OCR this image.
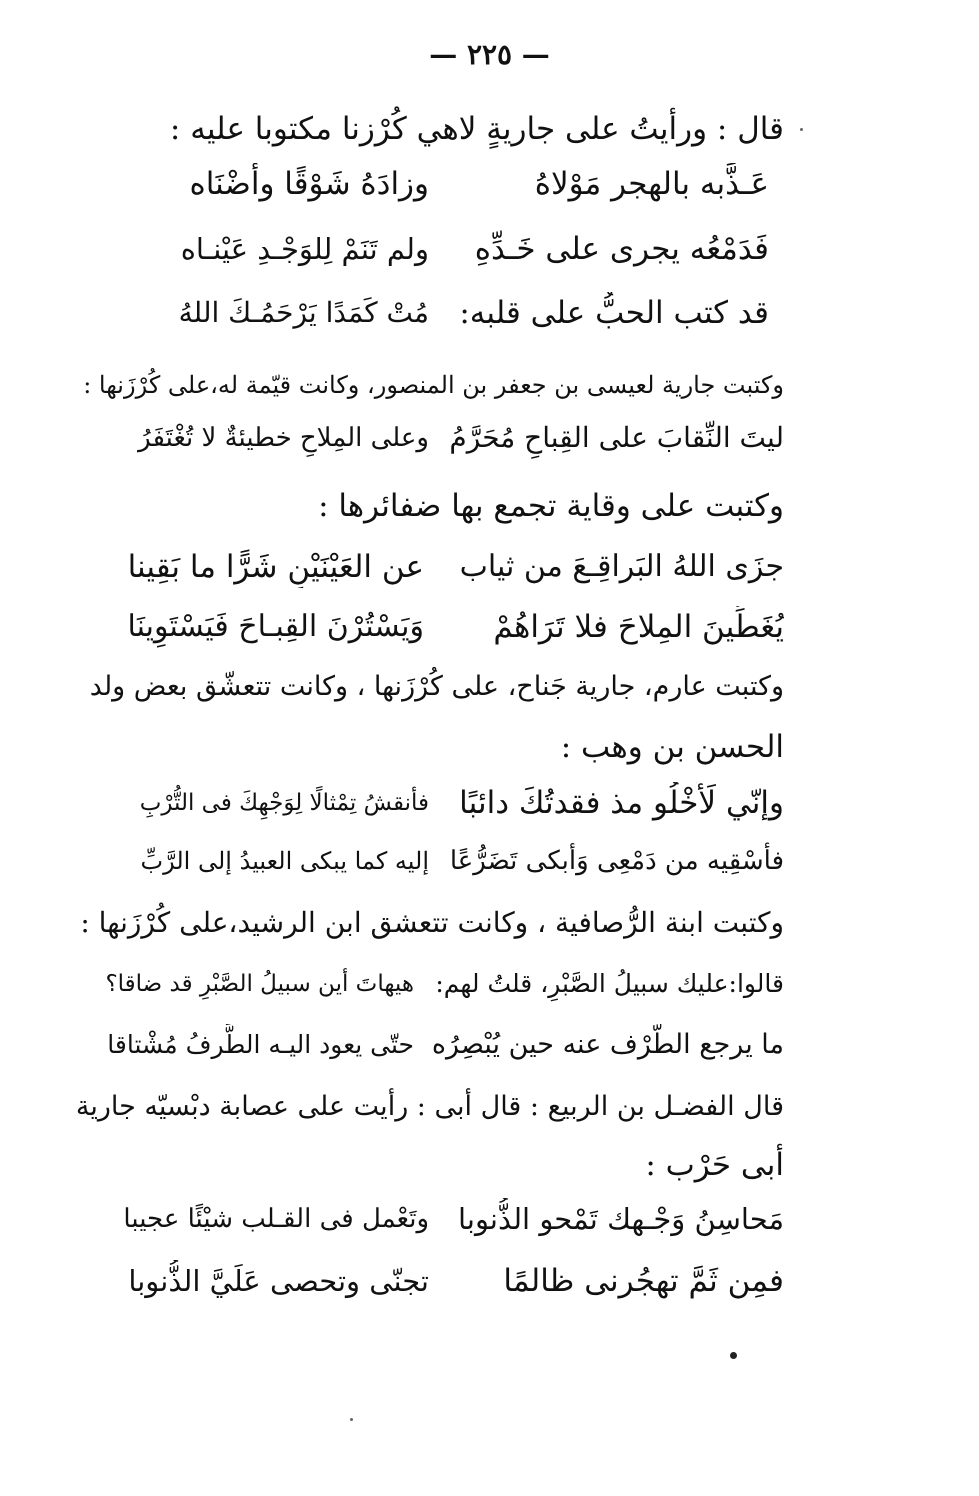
— ٢٢٥ —
قال : ورأيتُ على جاريةٍ لاهي كُرْزنا مكتوبا عليه :
عَـذَّبه بالهجر مَوْلاهُ
وزادَهُ شَوْقًا وأضْنَاه
فَدَمْعُه يجرى على خَـدِّهِ
ولم تَنَمْ لِلوَجْـدِ عَيْنـاه
قد كتب الحبُّ على قلبه:
مُتْ كَمَدًا يَرْحَمُـكَ اللهُ
وكتبت جارية لعيسى بن جعفر بن المنصور، وكانت قيّمة له،على كُرْزَنها :
ليتَ النِّقابَ على القِباحِ مُحَرَّمُ
وعلى المِلاحِ خطيئةٌ لا تُغْتَفَرُ
وكتبت على وقاية تجمع بها ضفائرها :
جزَى اللهُ البَراقِـعَ من ثياب
عن العَيْنَيْنِ شَرًّا ما بَقِينا
يُغَطِّينَ المِلاحَ فلا تَرَاهُمْ
وَيَسْتُرْنَ القِبـاحَ فَيَسْتَوِينَا
وكتبت عارم، جارية جَناح، على كُرْزَنها ، وكانت تتعشّق بعض ولد
الحسن بن وهب :
وإنّي لَأَخْلُو مذ فقدتُكَ دائبًا
فأنقشُ تِمْثالًا لِوَجْهِكَ فى التُّرْبِ
فأسْقِيه من دَمْعِى وَأبكى تَضَرُّعًا
إليه كما يبكى العبيدُ إلى الرَّبِّ
وكتبت ابنة الرُّصافية ، وكانت تتعشق ابن الرشيد،على كُرْزَنها :
قالوا:عليك سبيلُ الصَّبْرِ، قلتُ لهم:
هيهاتَ أين سبيلُ الصَّبْرِ قد ضاقا؟
ما يرجع الطَّرْف عنه حين يُبْصِرُه
حتّى يعود اليـه الطَّرفُ مُشْتاقا
قال الفضـل بن الربيع : قال أبى : رأيت على عصابة دبْسيّه جارية
أبى حَرْب :
مَحاسِنُ وَجْـهك تَمْحو الذُّنوبا
وتَعْمل فى القـلب شيْئًا عجيبا
فمِن ثَمَّ تهجُرنى ظالمًا
تجنّى وتحصى عَلَيَّ الذُّنوبا
